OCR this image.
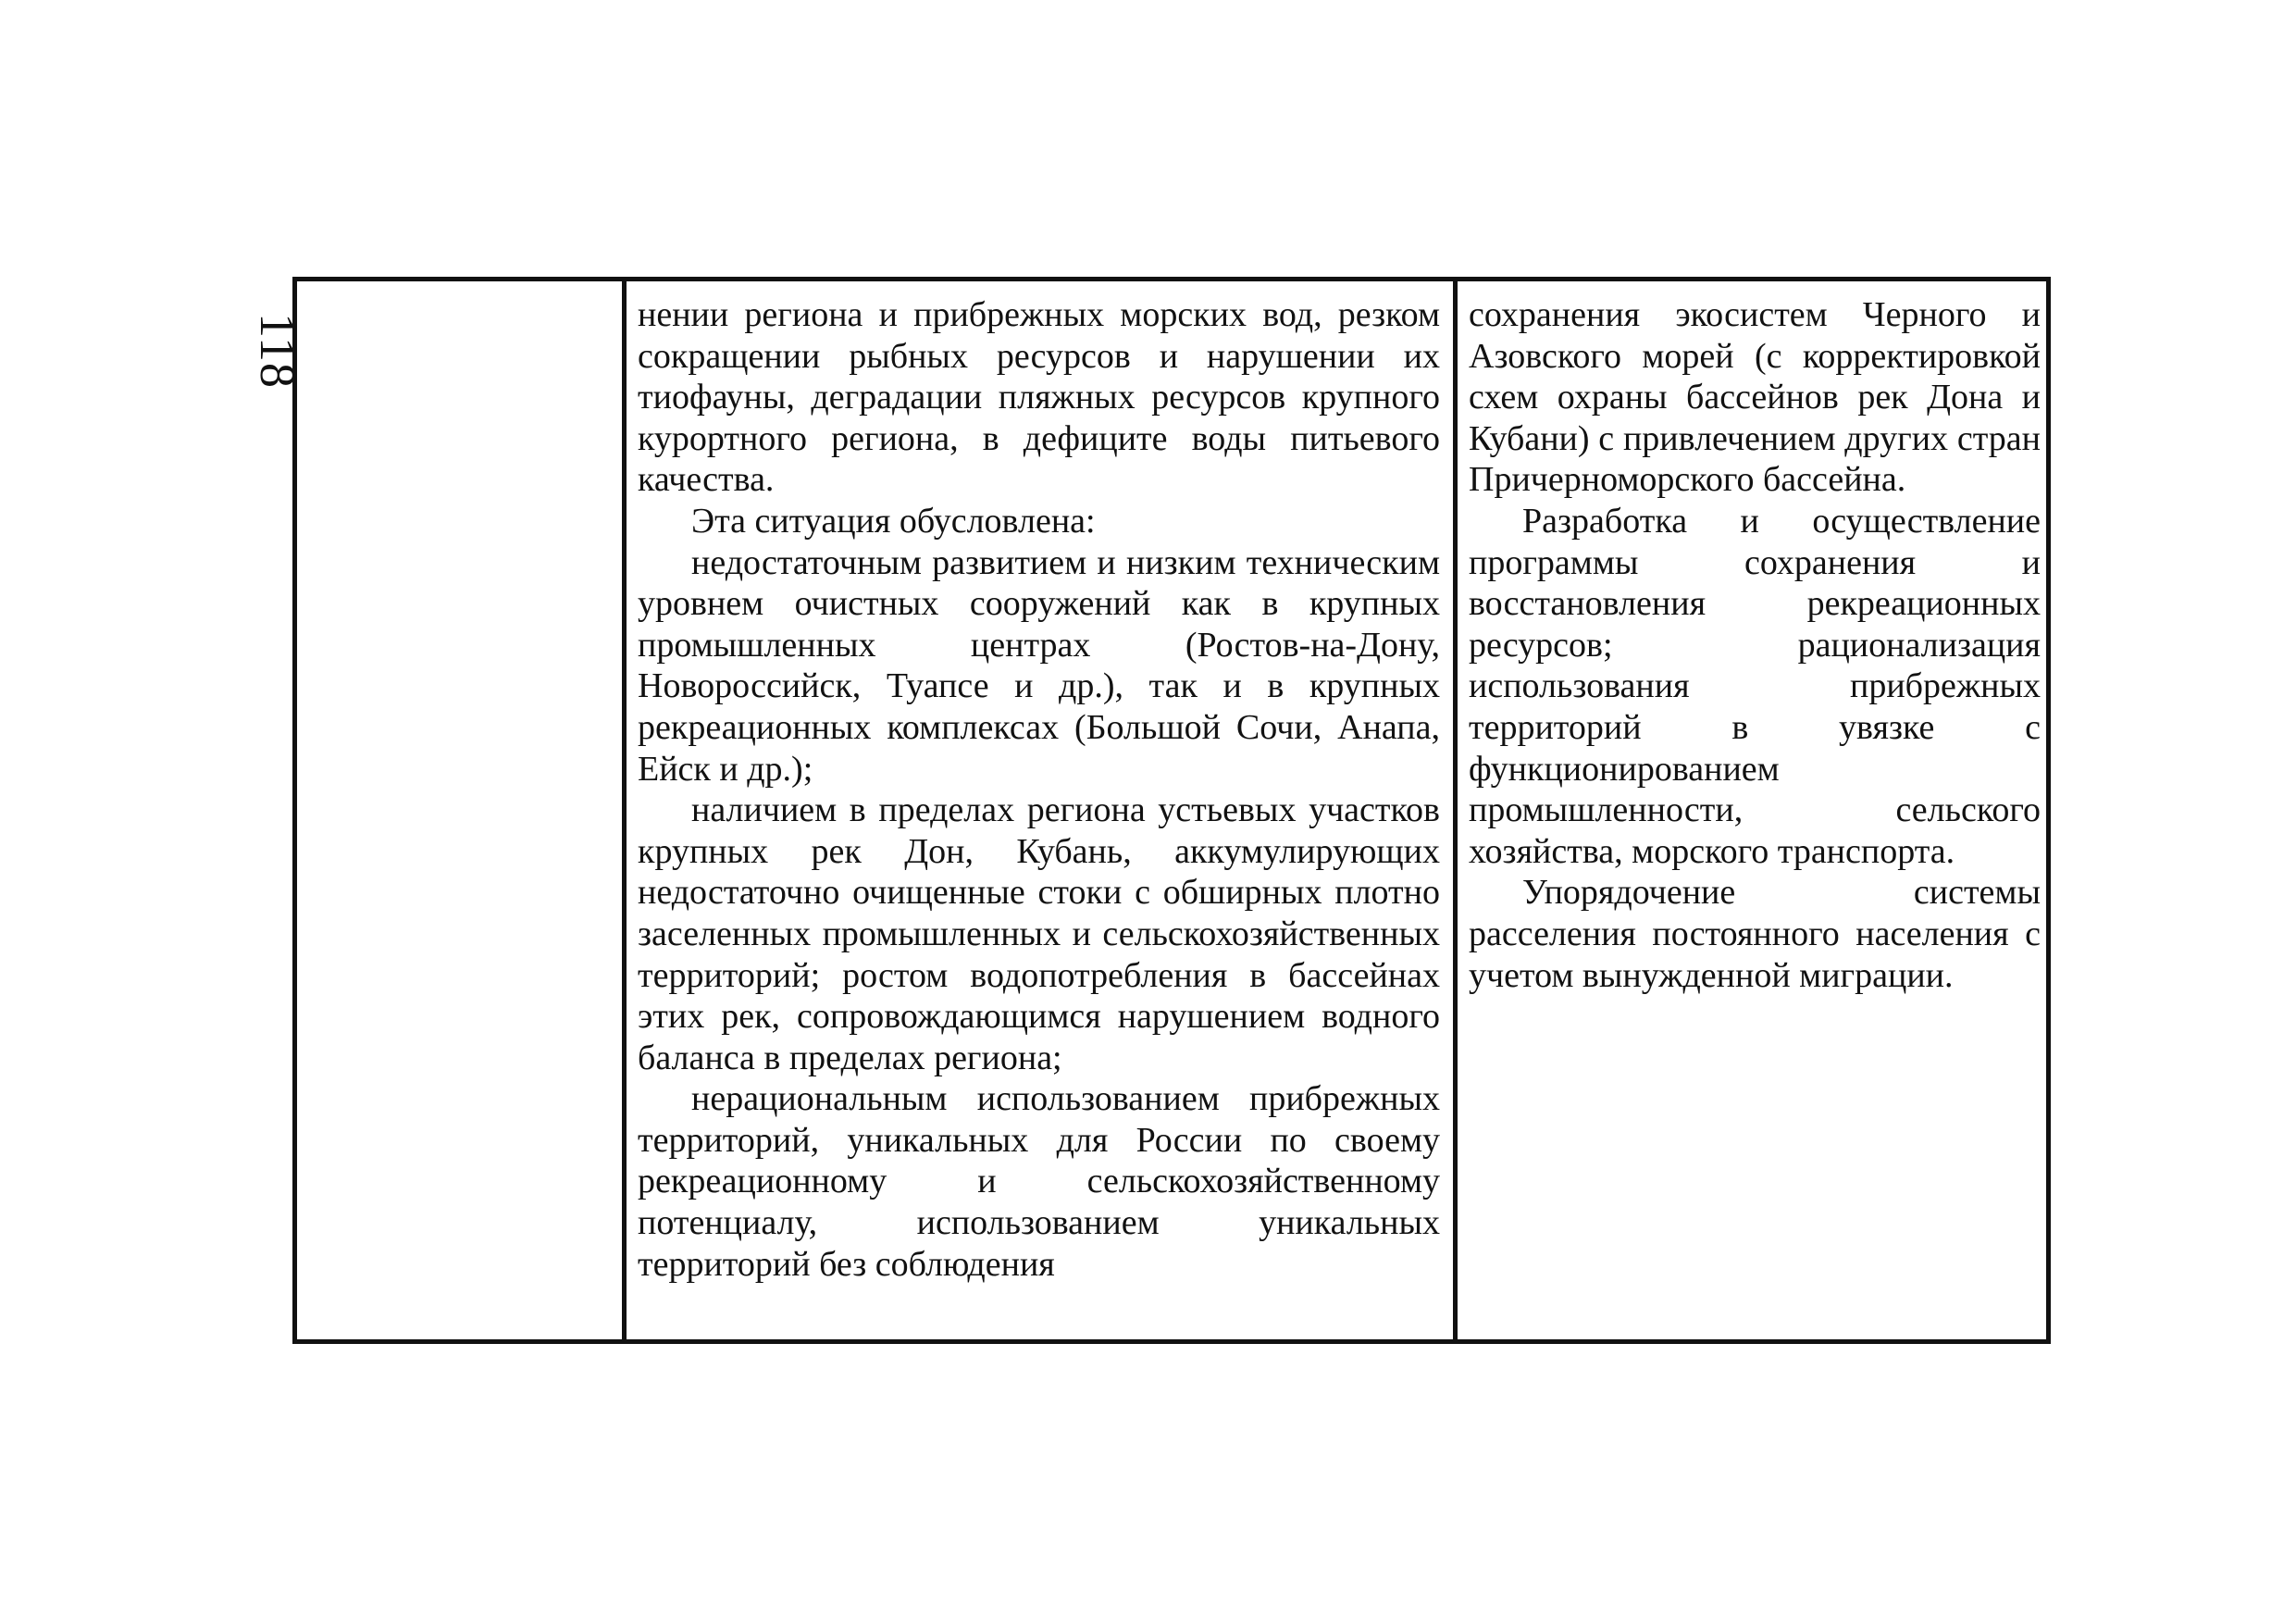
118	нении региона и прибрежных морских вод, резком сокращении рыбных ресурсов и нарушении их тиофауны, деградации пляжных ресурсов крупного курортного региона, в дефиците воды питьевого качества.

Эта ситуация обусловлена:

недостаточным развитием и низким техническим уровнем очистных сооружений как в крупных промышленных центрах (Ростов-на-Дону, Новороссийск, Туапсе и др.), так и в крупных рекреационных комплексах (Большой Сочи, Анапа, Ейск и др.);

наличием в пределах региона устьевых участков крупных рек Дон, Кубань, аккумулирующих недостаточно очищенные стоки с обширных плотно заселенных промышленных и сельскохозяйственных территорий; ростом водопотребления в бассейнах этих рек, сопровождающимся нарушением водного баланса в пределах региона;

нерациональным использованием прибрежных территорий, уникальных для России по своему рекреационному и сельскохозяйственному потенциалу, использованием уникальных территорий без соблюдения

сохранения экосистем Черного и Азовского морей (с корректировкой схем охраны бассейнов рек Дона и Кубани) с привлечением других стран Причерноморского бассейна.

Разработка и осуществление программы сохранения и восстановления рекреационных ресурсов; рационализация использования прибрежных территорий в увязке с функционированием промышленности, сельского хозяйства, морского транспорта.

Упорядочение системы расселения постоянного населения с учетом вынужденной миграции.
